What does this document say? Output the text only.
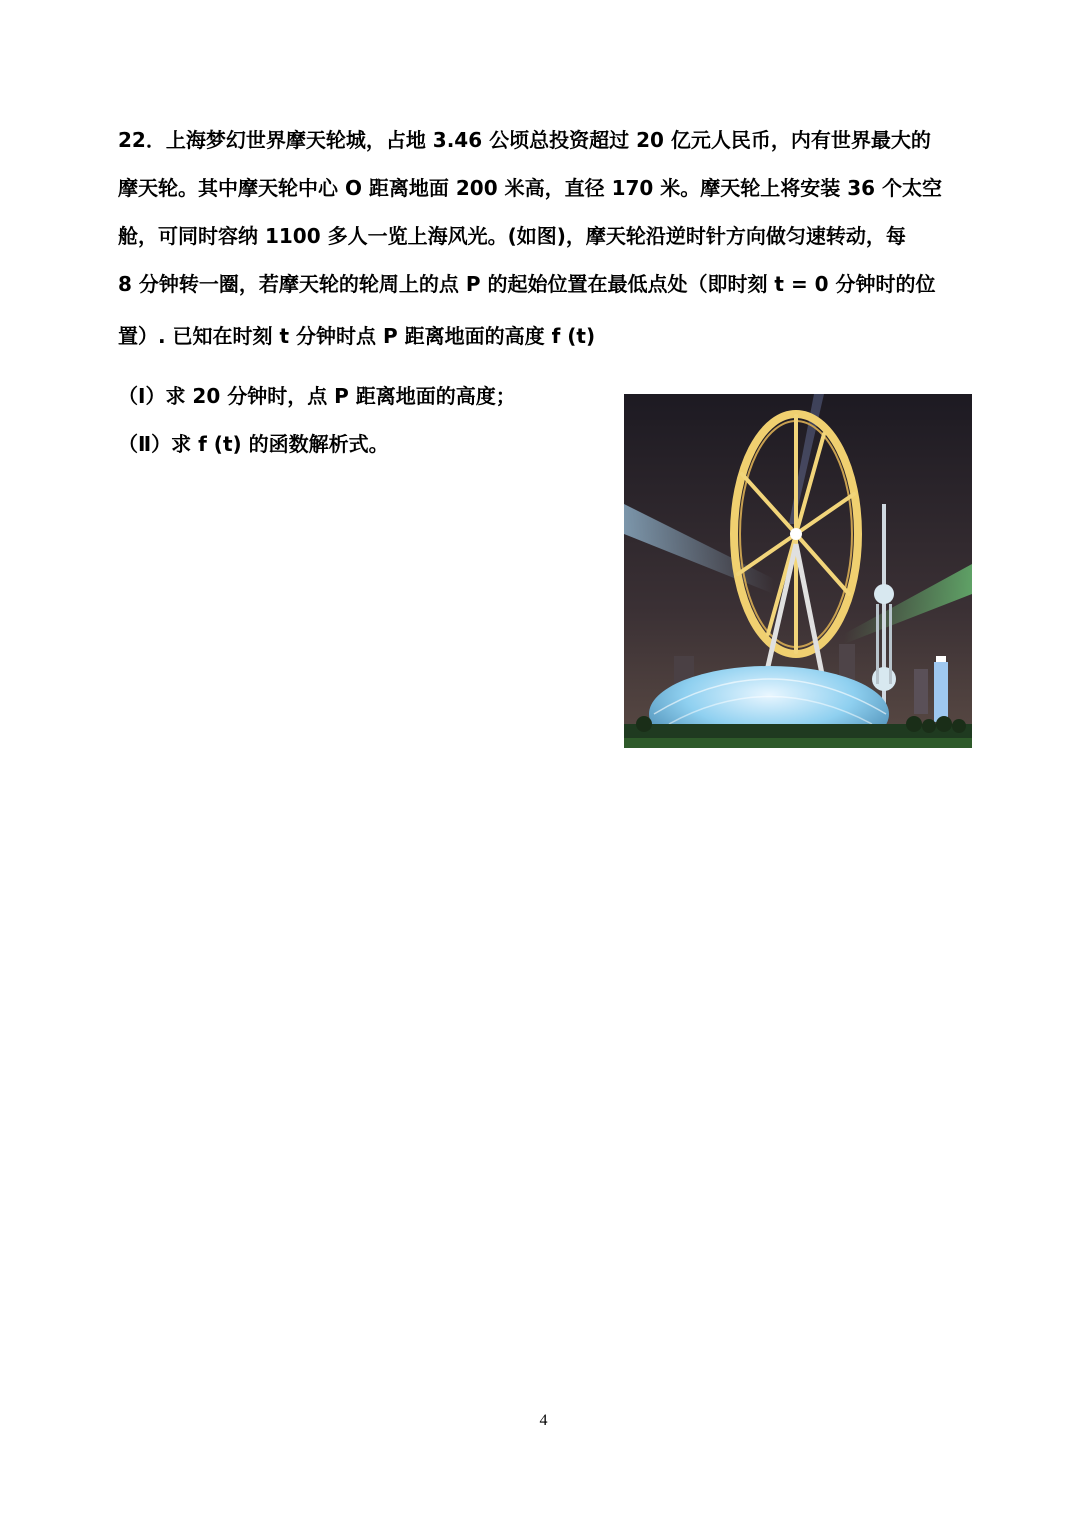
22．上海梦幻世界摩天轮城，占地 3.46 公顷总投资超过 20 亿元人民币，内有世界最大的
摩天轮。其中摩天轮中心 O 距离地面 200 米高，直径 170 米。摩天轮上将安装 36 个太空
舱，可同时容纳 1100 多人一览上海风光。(如图)，摩天轮沿逆时针方向做匀速转动，每
8 分钟转一圈，若摩天轮的轮周上的点 P 的起始位置在最低点处（即时刻 t = 0 分钟时的位
置）. 已知在时刻 t 分钟时点 P 距离地面的高度 f (t)
（Ⅰ）求 20 分钟时，点 P 距离地面的高度；
（Ⅱ）求 f (t) 的函数解析式。
4
